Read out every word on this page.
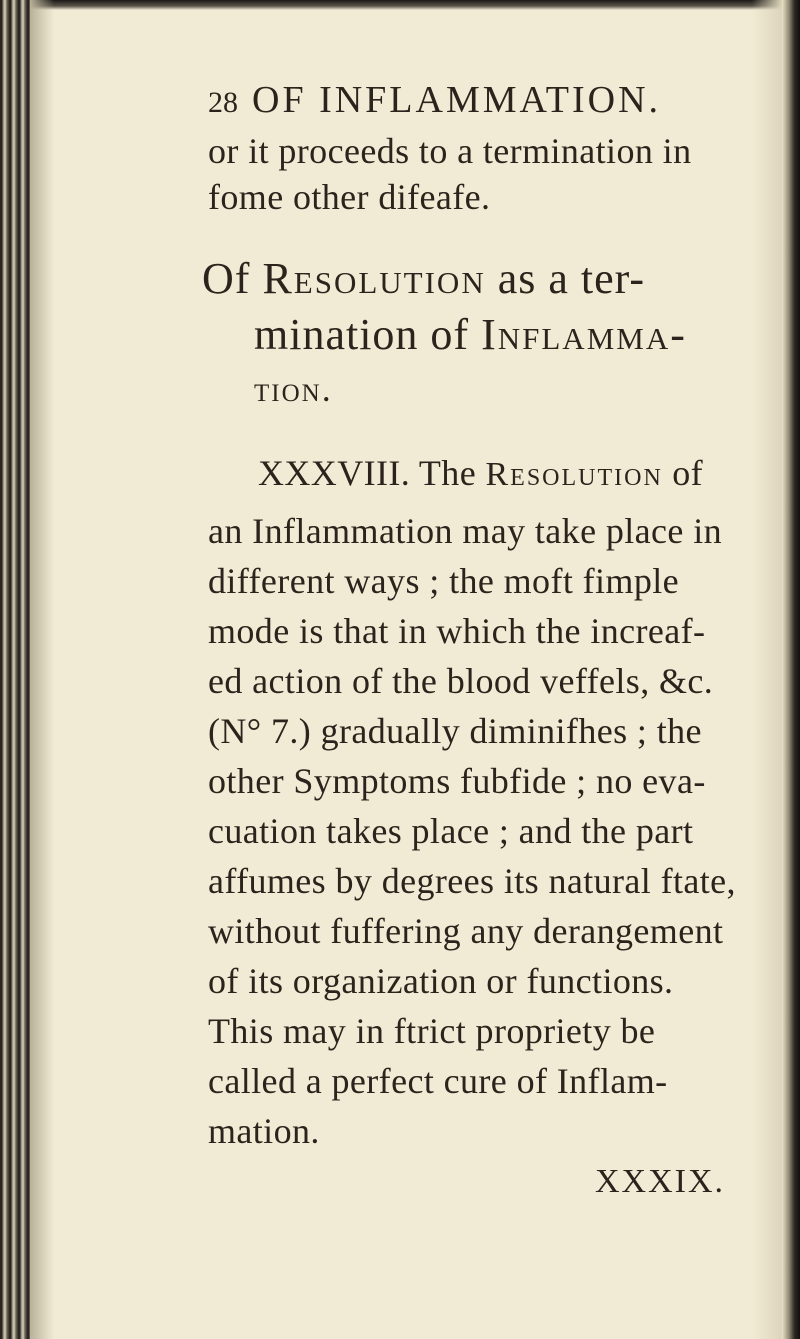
28 OF INFLAMMATION.
or it proceeds to a termination in
fome other difeafe.
Of Resolution as a ter-
mination of Inflamma-
tion.
XXXVIII. The Resolution of
an Inflammation may take place in
different ways ; the moft fimple
mode is that in which the increaf-
ed action of the blood veffels, &c.
(N° 7.) gradually diminifhes ; the
other Symptoms fubfide ; no eva-
cuation takes place ; and the part
affumes by degrees its natural ftate,
without fuffering any derangement
of its organization or functions.
This may in ftrict propriety be
called a perfect cure of Inflam-
mation.
XXXIX.
